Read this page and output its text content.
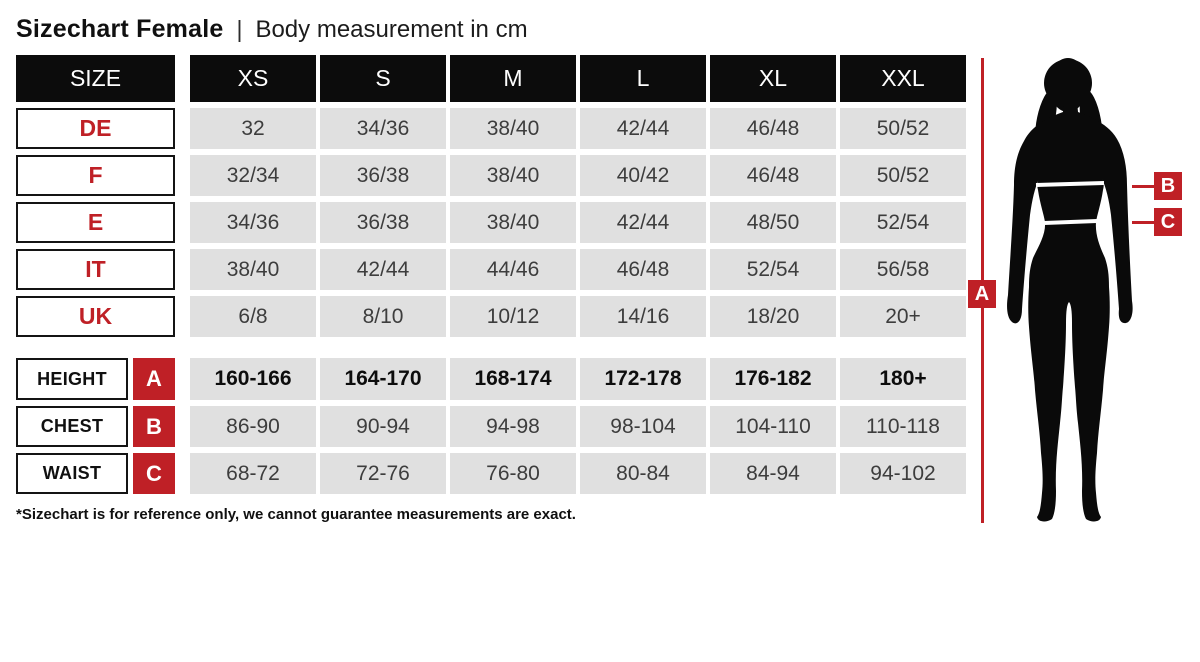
Sizechart Female | Body measurement in cm
SIZE	XS	S	M	L	XL	XXL
DE	32	34/36	38/40	42/44	46/48	50/52
F	32/34	36/38	38/40	40/42	46/48	50/52
E	34/36	36/38	38/40	42/44	48/50	52/54
IT	38/40	42/44	44/46	46/48	52/54	56/58
UK	6/8	8/10	10/12	14/16	18/20	20+
HEIGHT	A	160-166	164-170	168-174	172-178	176-182	180+
CHEST	B	86-90	90-94	94-98	98-104	104-110	110-118
WAIST	C	68-72	72-76	76-80	80-84	84-94	94-102
*Sizechart is for reference only, we cannot guarantee measurements are exact.
A
B
C
